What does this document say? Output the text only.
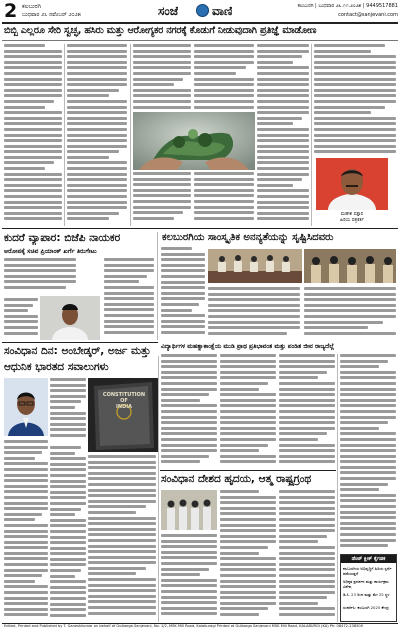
2 ಕಲಬುರಗಿ
ಬುಧವಾರ ೨೬ ನವೆಂಬರ್ ೨೦೨೫	ಸಂಜೆ	ವಾಣಿ	ಕಲಬುರಗಿ | ಬುಧವಾರ ೨೬.೧೧.೨೦೨೫ | 9449517881
contact@sanjevani.com
ಬಿಬ್ಬಿ ಎಲ್ಲರೂ ಸೇರಿ ಸ್ವಚ್ಛ, ಹಸಿರು ಮತ್ತು ಆರೋಗ್ಯಕರ ನಗರಕ್ಕೆ ಕೊಡುಗೆ ನೀಡುವುದಾಗಿ ಪ್ರತಿಜ್ಞೆ ಮಾಡೋಣ
ಮಹೇಶ ಪತ್ತಾರ
ಹಿರಿಯ ಪತ್ರಕರ್ತ
ಕುದರೆ ವ್ಯಾಪಾರ: ಬಿಜೆಪಿ ನಾಯಕರ	ಕಲಬುರಗಿಯ ಸಾಂಸ್ಕೃತಿಕ ಅನನ್ಯತೆಯನ್ನು ಸೃಷ್ಟಿಸಿದವರು
ಆರೋಪಕ್ಕೆ ಸಚಿವ ಪ್ರಿಯಾಂಕ್ ಖರ್ಗೆ ತಿರುಗೇಟು
ವಿದ್ಯಾರ್ಥಿಗಳ ಮಹತ್ವಾಕಾಂಕ್ಷೆಯ ಮುಡಿ ಪ್ರಾಥ ಪ್ರತಿಭಾವಂತ ಮತ್ತು ಪಂಡಿತ ಜೀವ ರಾಜ್ಯದೆಲ್ಲೆ
ಸಂವಿಧಾನ ದಿನ: ಅಂಬೇಡ್ಕರ್, ಅರ್ಜ ಮತ್ತು
ಆಧುನಿಕ ಭಾರತದ ಸವಾಲುಗಳು
CONSTITUTION
OF
INDIA
ಸಂವಿಧಾನ ದೇಶದ ಹೃದಯ, ಆತ್ಮ ರಾಷ್ಟ್ರಗ್ರಂಥ
ಡೆಂಟ್ ಕ್ಲೀಕ್ ಕೈಗಡಕ
ಕಲಬುರಗಿಯ ಅಭಿವೃದ್ಧಿಗೆ ಹಿರಿಯ ಸ್ಪರ್ಧೆ ಪಡೆಯುತ್ತದೆ
ಅಧಿಕೃತ ಪ್ರದರ್ಶನ ಮತ್ತು ಕಾರ್ಯಕ್ರಮ ವಿಶೇಷ
ಡಿ.ಸಿ. 23 ರಿಂದ ಮತ್ತು ಮೇ 25 ಸ್ಥಳ
ಸಂಪರ್ಕಿಸಿ: ಕಲಬುರಗಿ 2025 ಕೇಂದ್ರ
Edited, Printed and Published by T. Ganeshkumar on behalf of Gulbarga Sanjevani, No. 1/2, MSK Mill Road, Kalaburagi Printed at Gulbarga Sanjevani MSK Mill Road, KALABURGI (KA) Ph: 08472-238500
